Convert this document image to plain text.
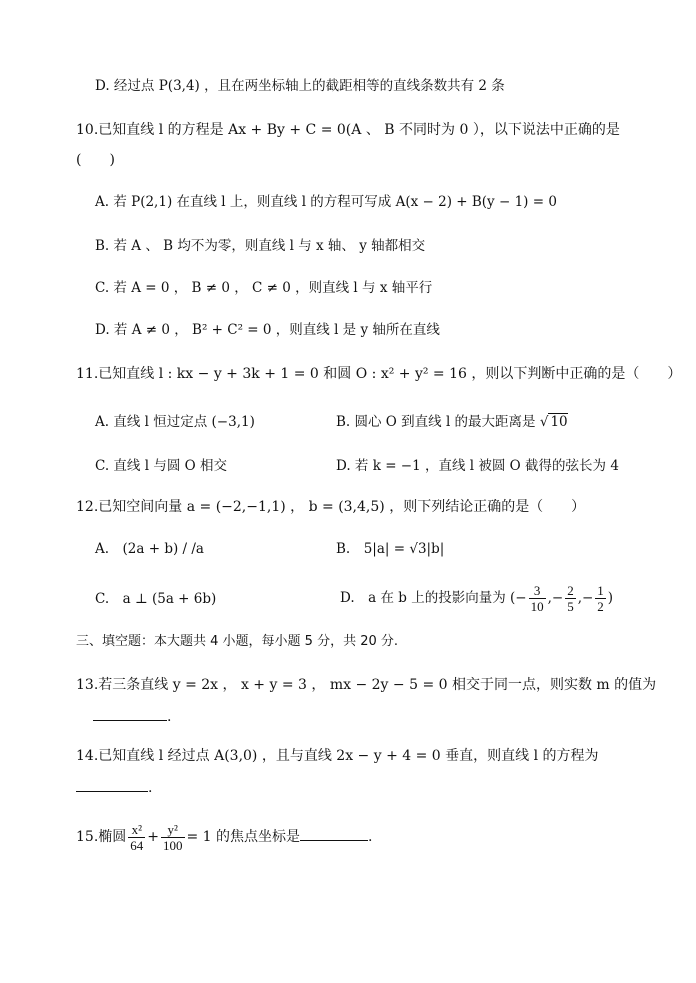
D. 经过点 P(3,4) ，且在两坐标轴上的截距相等的直线条数共有 2 条
10.已知直线 l 的方程是 Ax + By + C = 0(A 、 B 不同时为 0 ），以下说法中正确的是
(　　)
A. 若 P(2,1) 在直线 l 上，则直线 l 的方程可写成 A(x − 2) + B(y − 1) = 0
B. 若 A 、 B 均不为零，则直线 l 与 x 轴、 y 轴都相交
C. 若 A = 0 ， B ≠ 0 ， C ≠ 0 ，则直线 l 与 x 轴平行
D. 若 A ≠ 0 ， B² + C² = 0 ，则直线 l 是 y 轴所在直线
11.已知直线 l : kx − y + 3k + 1 = 0 和圆 O : x² + y² = 16 ，则以下判断中正确的是（　　）
A. 直线 l 恒过定点 (−3,1)	B. 圆心 O 到直线 l 的最大距离是 √ 10
C. 直线 l 与圆 O 相交	D. 若 k = −1 ，直线 l 被圆 O 截得的弦长为 4
12.已知空间向量 a = (−2,−1,1) ， b = (3,4,5) ，则下列结论正确的是（　　）
A.　(2a + b) / /a	B.　5|a| = √3|b|
C.　a ⊥ (5a + 6b)	D.　a 在 b 上的投影向量为 (− $\frac{3}{10}$ ,− $\frac{2}{5}$ ,− $\frac{1}{2}$ )
三、填空题：本大题共 4 小题，每小题 5 分，共 20 分.
13.若三条直线 y = 2x ， x + y = 3 ， mx − 2y − 5 = 0 相交于同一点，则实数 m 的值为
.
14.已知直线 l 经过点 A(3,0) ，且与直线 2x − y + 4 = 0 垂直，则直线 l 的方程为
.
15.椭圆 $\frac{\text{x²}}{64} + \frac{\text{y²}}{100} = 1$ 的焦点坐标是	.
